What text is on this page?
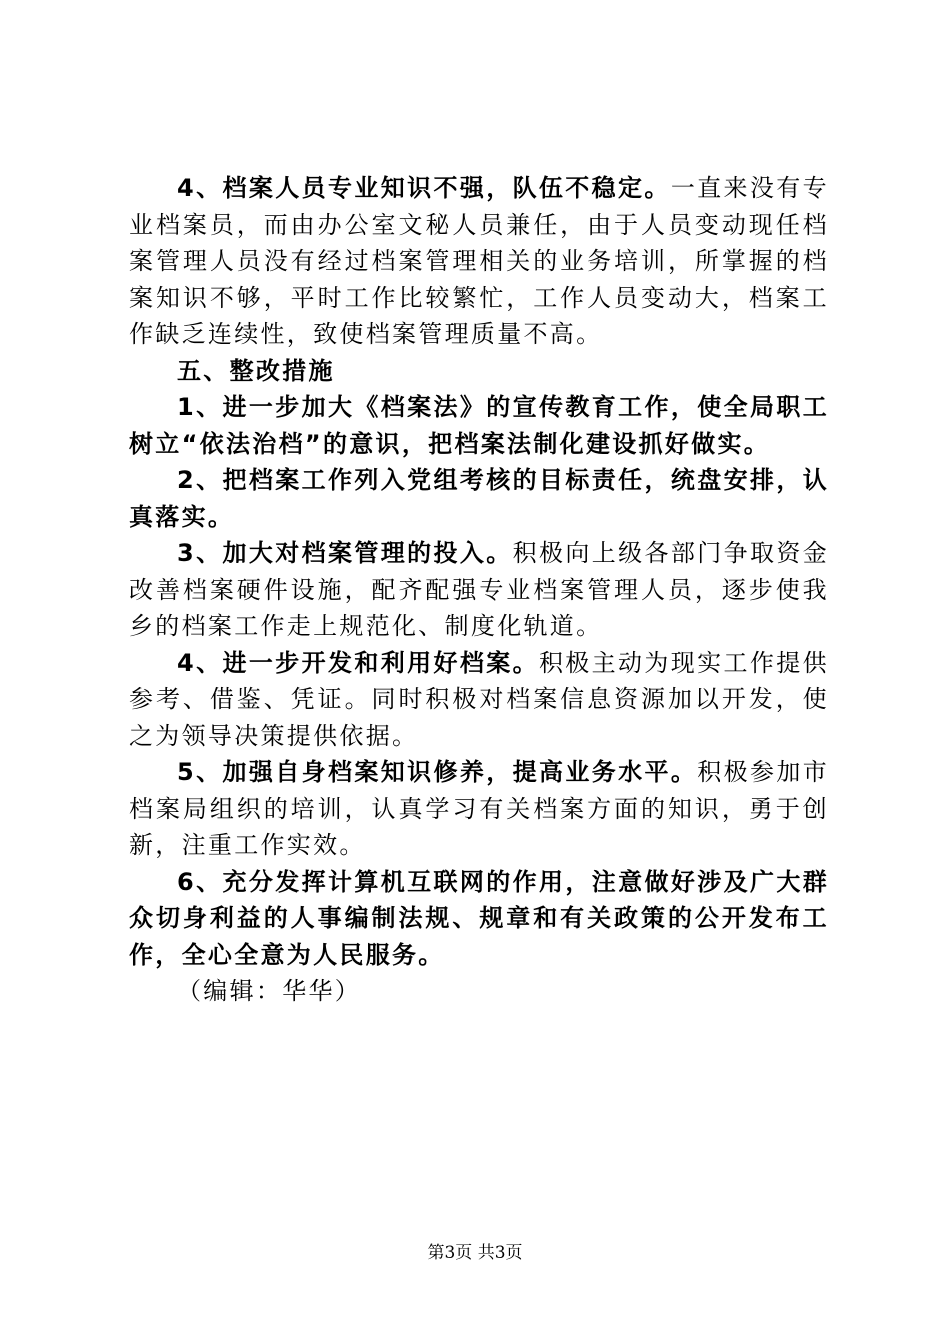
4、档案人员专业知识不强，队伍不稳定。一直来没有专业档案员，而由办公室文秘人员兼任，由于人员变动现任档案管理人员没有经过档案管理相关的业务培训，所掌握的档案知识不够，平时工作比较繁忙，工作人员变动大，档案工作缺乏连续性，致使档案管理质量不高。

五、整改措施

1、进一步加大《档案法》的宣传教育工作，使全局职工树立“依法治档”的意识，把档案法制化建设抓好做实。

2、把档案工作列入党组考核的目标责任，统盘安排，认真落实。

3、加大对档案管理的投入。积极向上级各部门争取资金改善档案硬件设施，配齐配强专业档案管理人员，逐步使我乡的档案工作走上规范化、制度化轨道。

4、进一步开发和利用好档案。积极主动为现实工作提供参考、借鉴、凭证。同时积极对档案信息资源加以开发，使之为领导决策提供依据。

5、加强自身档案知识修养，提高业务水平。积极参加市档案局组织的培训，认真学习有关档案方面的知识，勇于创新，注重工作实效。

6、充分发挥计算机互联网的作用，注意做好涉及广大群众切身利益的人事编制法规、规章和有关政策的公开发布工作，全心全意为人民服务。

（编辑：华华）

第3页 共3页
